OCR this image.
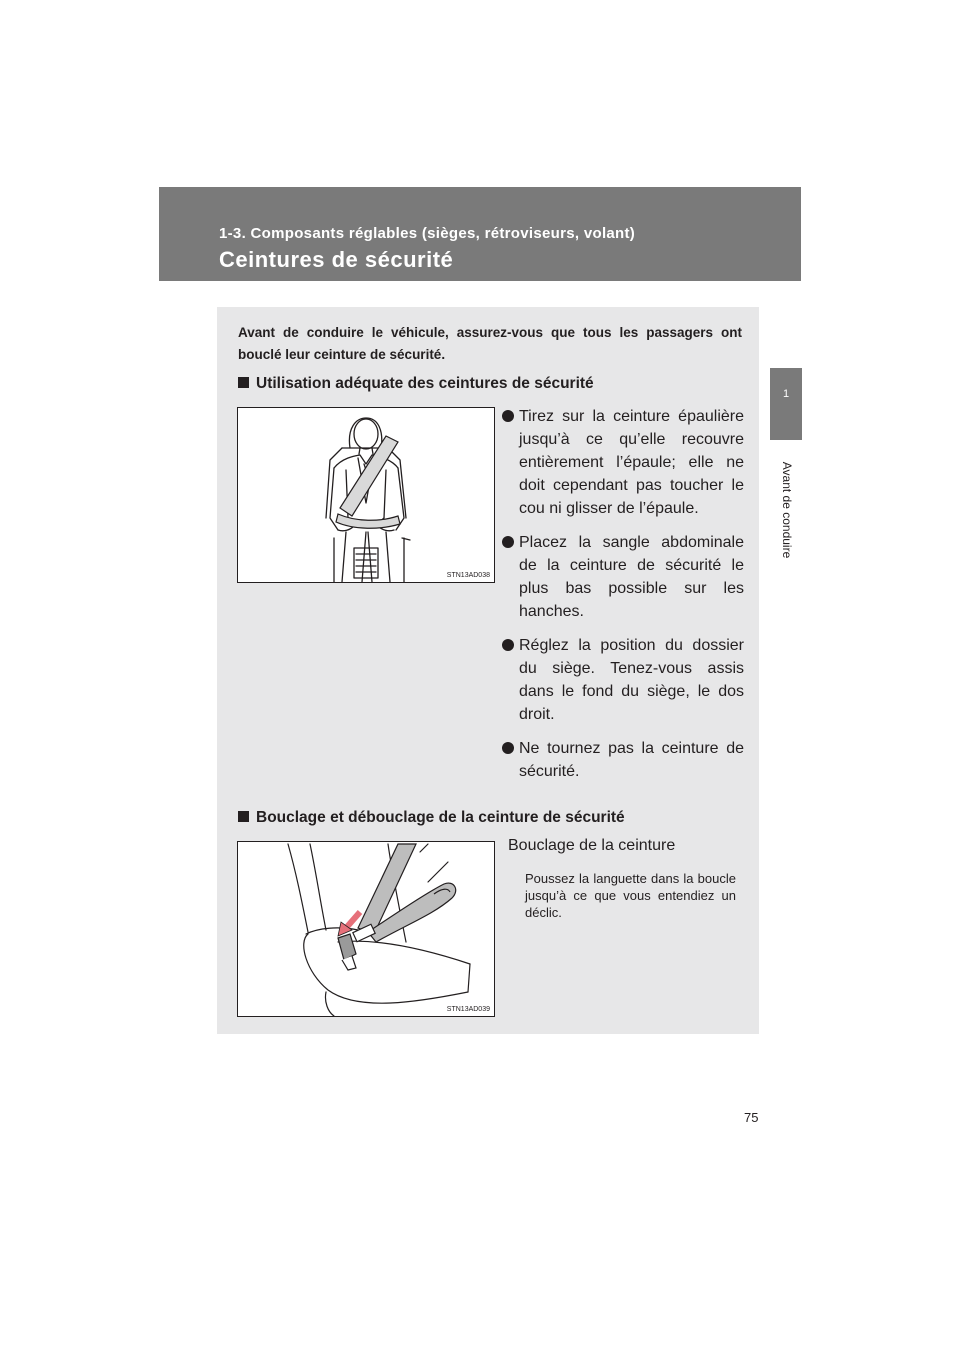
1-3. Composants réglables (sièges, rétroviseurs, volant)
Ceintures de sécurité
1
Avant de conduire
Avant de conduire le véhicule, assurez-vous que tous les passagers ont bouclé leur ceinture de sécurité.
Utilisation adéquate des ceintures de sécurité
STN13AD038
Tirez sur la ceinture épaulière jusqu’à ce qu’elle recouvre entièrement l’épaule; elle ne doit cependant pas toucher le cou ni glisser de l’épaule.
Placez la sangle abdominale de la ceinture de sécurité le plus bas possible sur les hanches.
Réglez la position du dossier du siège. Tenez-vous assis dans le fond du siège, le dos droit.
Ne tournez pas la ceinture de sécurité.
Bouclage et débouclage de la ceinture de sécurité
STN13AD039
Bouclage de la ceinture
Poussez la languette dans la boucle jusqu’à ce que vous entendiez un déclic.
75
